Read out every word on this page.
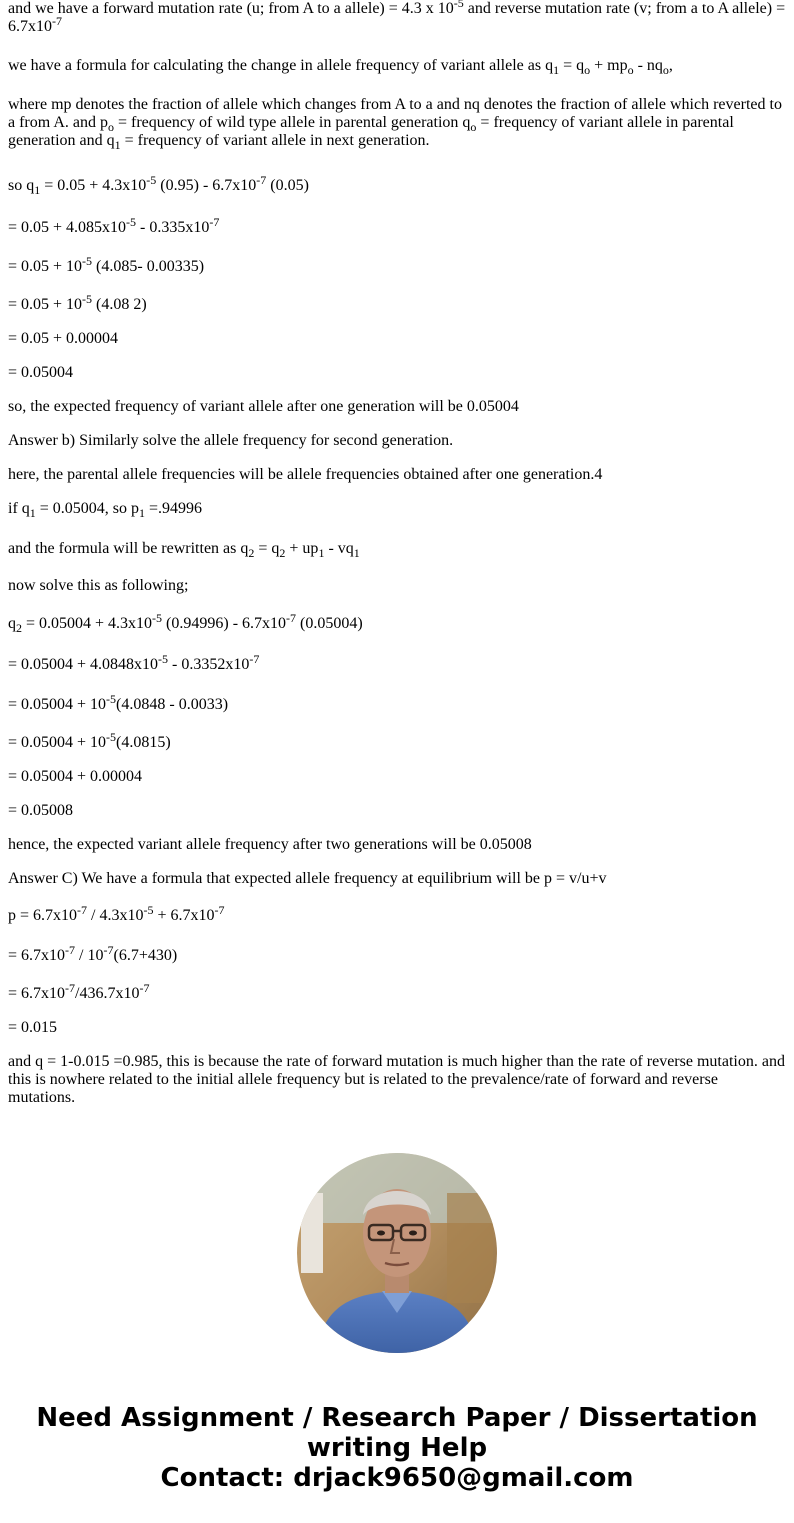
and we have a forward mutation rate (u; from A to a allele) = 4.3 x $10^{-5}$ and reverse mutation rate (v; from a to A allele) = $6.7x10^{-7}$
we have a formula for calculating the change in allele frequency of variant allele as $q_1 = q_o + mp_o - nq_o$,
where mp denotes the fraction of allele which changes from A to a and nq denotes the fraction of allele which reverted to a from A. and $p_o$ = frequency of wild type allele in parental generation $q_o$ = frequency of variant allele in parental generation and $q_1$ = frequency of variant allele in next generation.
so $q_1 = 0.05 + 4.3x10^{-5}$ $(0.95) - 6.7x10^{-7}$ (0.05)
= $0.05 + 4.085x10^{-5} - 0.335x10^{-7}$
= $0.05 + 10^{-5}$ (4.085- 0.00335)
= $0.05 + 10^{-5}$ (4.08 2)
= 0.05 + 0.00004
= 0.05004
so, the expected frequency of variant allele after one generation will be 0.05004
Answer b) Similarly solve the allele frequency for second generation.
here, the parental allele frequencies will be allele frequencies obtained after one generation.4
if $q_1 = 0.05004$, so $p_1 =.94996$
and the formula will be rewritten as $q_2 = q_2 + up_1 - vq_1$
now solve this as following;
$q_2 = 0.05004 + 4.3x10^{-5}$ $(0.94996) - 6.7x10^{-7}$ (0.05004)
= $0.05004 + 4.0848x10^{-5} - 0.3352x10^{-7}$
= $0.05004 + 10^{-5}(4.0848 - 0.0033)$
= $0.05004 + 10^{-5}(4.0815)$
= 0.05004 + 0.00004
= 0.05008
hence, the expected variant allele frequency after two generations will be 0.05008
Answer C) We have a formula that expected allele frequency at equilibrium will be p = v/u+v
$p = 6.7x10^{-7} / 4.3x10^{-5} + 6.7x10^{-7}$
= $6.7x10^{-7} / 10^{-7}(6.7+430)$
= $6.7x10^{-7}/436.7x10^{-7}$
= 0.015
and q = 1-0.015 =0.985, this is because the rate of forward mutation is much higher than the rate of reverse mutation. and this is nowhere related to the initial allele frequency but is related to the prevalence/rate of forward and reverse mutations.
Need Assignment / Research Paper / Dissertation
writing Help
Contact: drjack9650@gmail.com
